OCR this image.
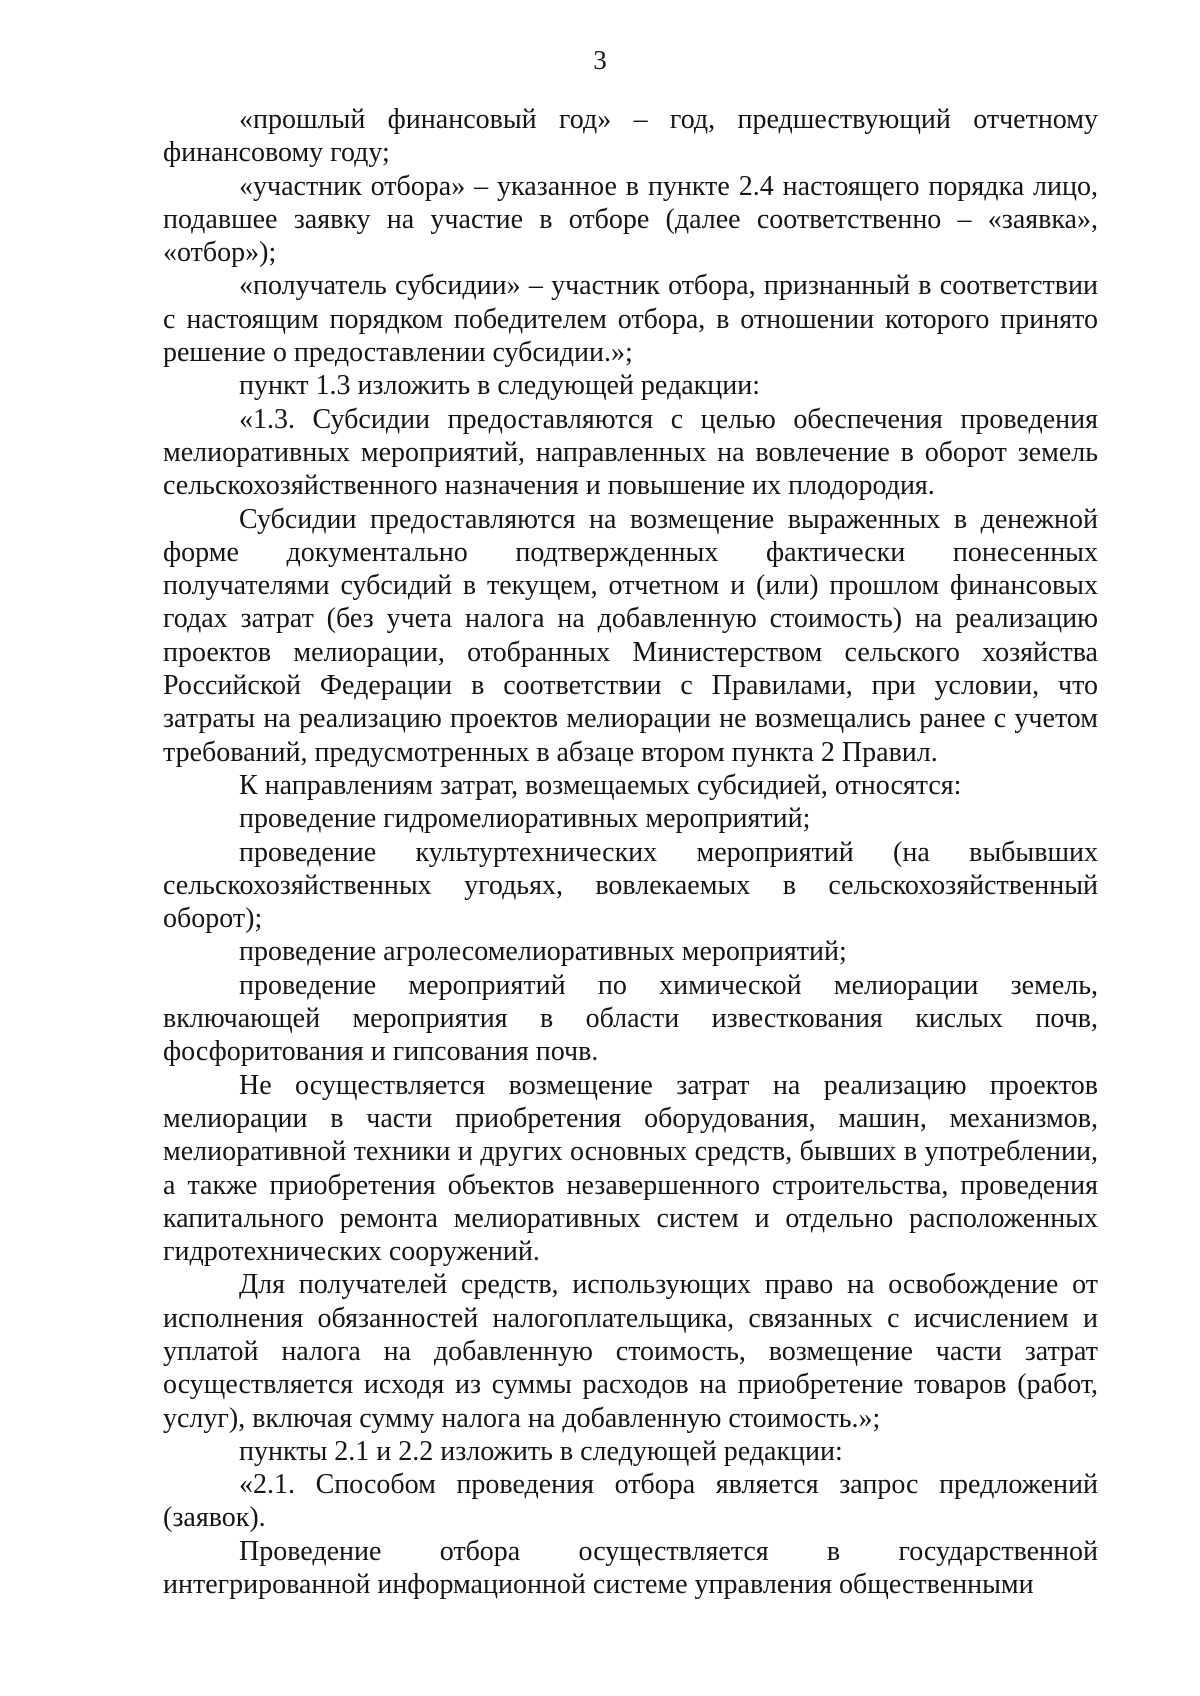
3

«прошлый финансовый год» – год, предшествующий отчетному финансовому году;

«участник отбора» – указанное в пункте 2.4 настоящего порядка лицо, подавшее заявку на участие в отборе (далее соответственно – «заявка», «отбор»);

«получатель субсидии» – участник отбора, признанный в соответствии с настоящим порядком победителем отбора, в отношении которого принято решение о предоставлении субсидии.»;

пункт 1.3 изложить в следующей редакции:

«1.3. Субсидии предоставляются с целью обеспечения проведения мелиоративных мероприятий, направленных на вовлечение в оборот земель сельскохозяйственного назначения и повышение их плодородия.

Субсидии предоставляются на возмещение выраженных в денежной форме документально подтвержденных фактически понесенных получателями субсидий в текущем, отчетном и (или) прошлом финансовых годах затрат (без учета налога на добавленную стоимость) на реализацию проектов мелиорации, отобранных Министерством сельского хозяйства Российской Федерации в соответствии с Правилами, при условии, что затраты на реализацию проектов мелиорации не возмещались ранее с учетом требований, предусмотренных в абзаце втором пункта 2 Правил.

К направлениям затрат, возмещаемых субсидией, относятся:

проведение гидромелиоративных мероприятий;

проведение культуртехнических мероприятий (на выбывших сельскохозяйственных угодьях, вовлекаемых в сельскохозяйственный оборот);

проведение агролесомелиоративных мероприятий;

проведение мероприятий по химической мелиорации земель, включающей мероприятия в области известкования кислых почв, фосфоритования и гипсования почв.

Не осуществляется возмещение затрат на реализацию проектов мелиорации в части приобретения оборудования, машин, механизмов, мелиоративной техники и других основных средств, бывших в употреблении, а также приобретения объектов незавершенного строительства, проведения капитального ремонта мелиоративных систем и отдельно расположенных гидротехнических сооружений.

Для получателей средств, использующих право на освобождение от исполнения обязанностей налогоплательщика, связанных с исчислением и уплатой налога на добавленную стоимость, возмещение части затрат осуществляется исходя из суммы расходов на приобретение товаров (работ, услуг), включая сумму налога на добавленную стоимость.»;

пункты 2.1 и 2.2 изложить в следующей редакции:

«2.1. Способом проведения отбора является запрос предложений (заявок).

Проведение отбора осуществляется в государственной интегрированной информационной системе управления общественными
